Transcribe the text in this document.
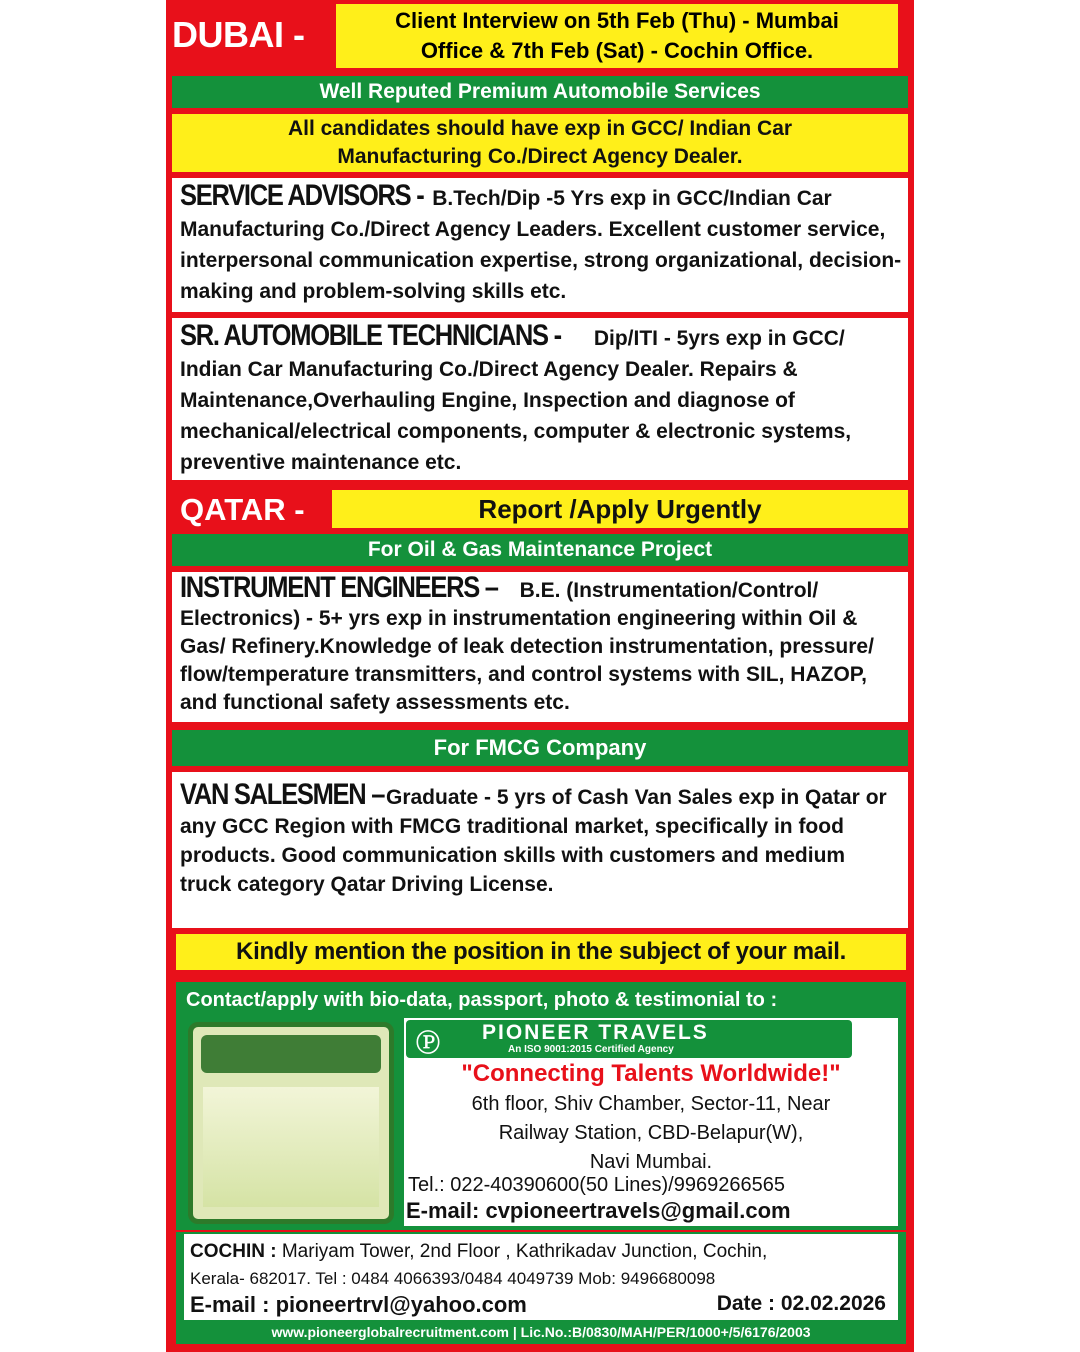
DUBAI -	Client Interview on 5th Feb (Thu) - Mumbai
Office & 7th Feb (Sat) - Cochin Office.
Well Reputed Premium Automobile Services
All candidates should have exp in GCC/ Indian Car
Manufacturing Co./Direct Agency Dealer.
SERVICE ADVISORS - B.Tech/Dip -5 Yrs exp in GCC/Indian Car Manufacturing Co./Direct Agency Leaders. Excellent customer service, interpersonal communication expertise, strong organizational, decision-making and problem-solving skills etc.
SR. AUTOMOBILE TECHNICIANS - Dip/ITI - 5yrs exp in GCC/ Indian Car Manufacturing Co./Direct Agency Dealer. Repairs & Maintenance,Overhauling Engine, Inspection and diagnose of mechanical/electrical components, computer & electronic systems, preventive maintenance etc.
QATAR -	Report /Apply Urgently
For Oil & Gas Maintenance Project
INSTRUMENT ENGINEERS – B.E. (Instrumentation/Control/ Electronics) - 5+ yrs exp in instrumentation engineering within Oil & Gas/ Refinery.Knowledge of leak detection instrumentation, pressure/ flow/temperature transmitters, and control systems with SIL, HAZOP, and functional safety assessments etc.
For FMCG Company
VAN SALESMEN – Graduate - 5 yrs of Cash Van Sales exp in Qatar or any GCC Region with FMCG traditional market, specifically in food products. Good communication skills with customers and medium truck category Qatar Driving License.
Kindly mention the position in the subject of your mail.
Contact/apply with bio-data, passport, photo & testimonial to :
Ⓟ PIONEER TRAVELS
An ISO 9001:2015 Certified Agency
"Connecting Talents Worldwide!"
6th floor, Shiv Chamber, Sector-11, Near
Railway Station, CBD-Belapur(W),
Navi Mumbai.
Tel.: 022-40390600(50 Lines)/9969266565
E-mail: cvpioneertravels@gmail.com
COCHIN : Mariyam Tower, 2nd Floor , Kathrikadav Junction, Cochin,
Kerala- 682017. Tel : 0484 4066393/0484 4049739 Mob: 9496680098
E-mail : pioneertrvl@yahoo.com	Date : 02.02.2026
www.pioneerglobalrecruitment.com | Lic.No.:B/0830/MAH/PER/1000+/5/6176/2003
